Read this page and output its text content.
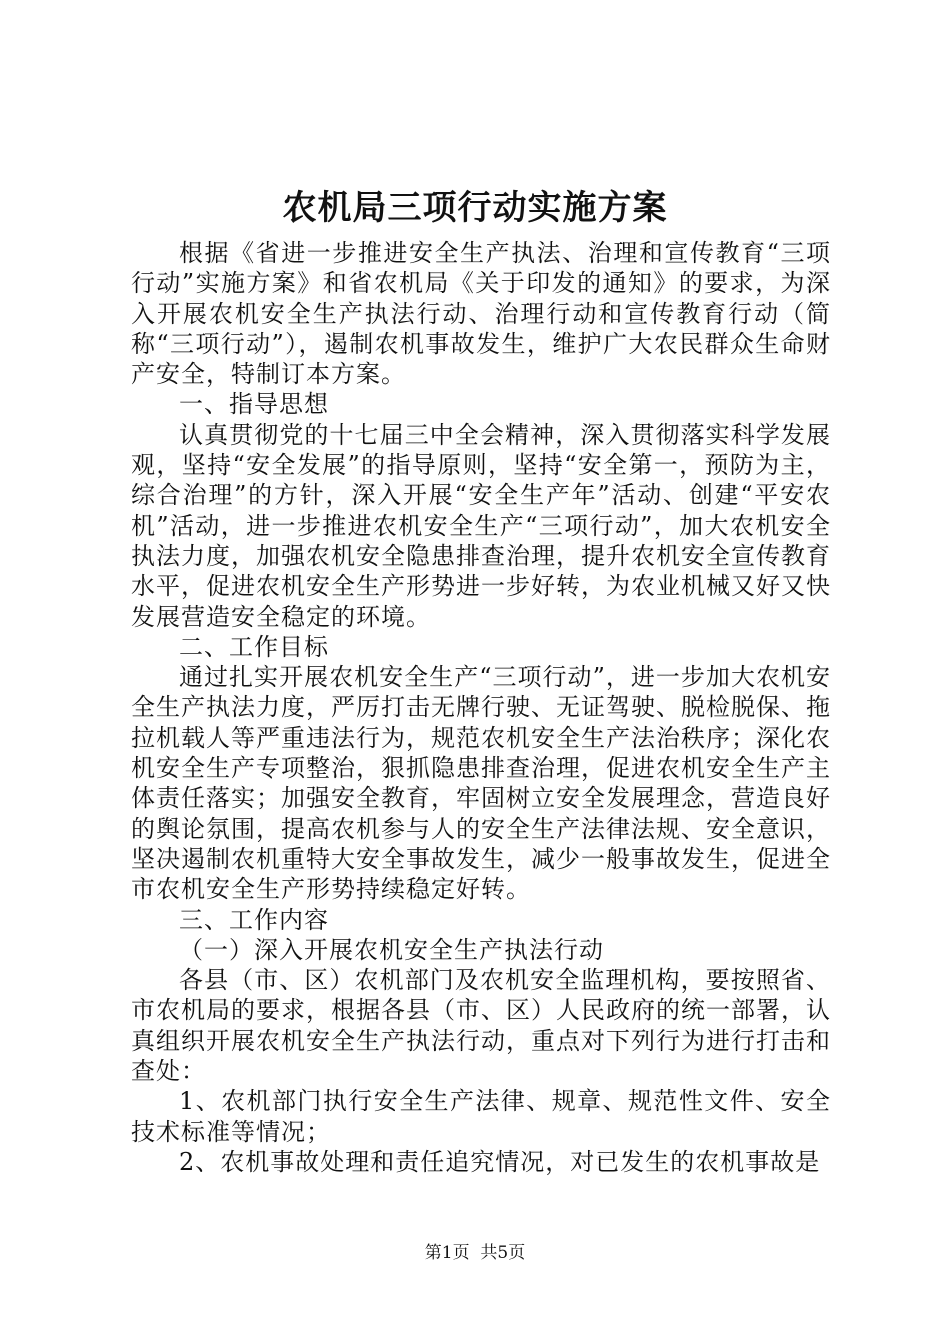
农机局三项行动实施方案

根据《省进一步推进安全生产执法、治理和宣传教育“三项行动”实施方案》和省农机局《关于印发的通知》的要求，为深入开展农机安全生产执法行动、治理行动和宣传教育行动（简称“三项行动”），遏制农机事故发生，维护广大农民群众生命财产安全，特制订本方案。

一、指导思想

认真贯彻党的十七届三中全会精神，深入贯彻落实科学发展观，坚持“安全发展”的指导原则，坚持“安全第一，预防为主，综合治理”的方针，深入开展“安全生产年”活动、创建“平安农机”活动，进一步推进农机安全生产“三项行动”，加大农机安全执法力度，加强农机安全隐患排查治理，提升农机安全宣传教育水平，促进农机安全生产形势进一步好转，为农业机械又好又快发展营造安全稳定的环境。

二、工作目标

通过扎实开展农机安全生产“三项行动”，进一步加大农机安全生产执法力度，严厉打击无牌行驶、无证驾驶、脱检脱保、拖拉机载人等严重违法行为，规范农机安全生产法治秩序；深化农机安全生产专项整治，狠抓隐患排查治理，促进农机安全生产主体责任落实；加强安全教育，牢固树立安全发展理念，营造良好的舆论氛围，提高农机参与人的安全生产法律法规、安全意识，坚决遏制农机重特大安全事故发生，减少一般事故发生，促进全市农机安全生产形势持续稳定好转。

三、工作内容

（一）深入开展农机安全生产执法行动

各县（市、区）农机部门及农机安全监理机构，要按照省、市农机局的要求，根据各县（市、区）人民政府的统一部署，认真组织开展农机安全生产执法行动，重点对下列行为进行打击和查处：

1、农机部门执行安全生产法律、规章、规范性文件、安全技术标准等情况；

2、农机事故处理和责任追究情况，对已发生的农机事故是

第1页 共5页
